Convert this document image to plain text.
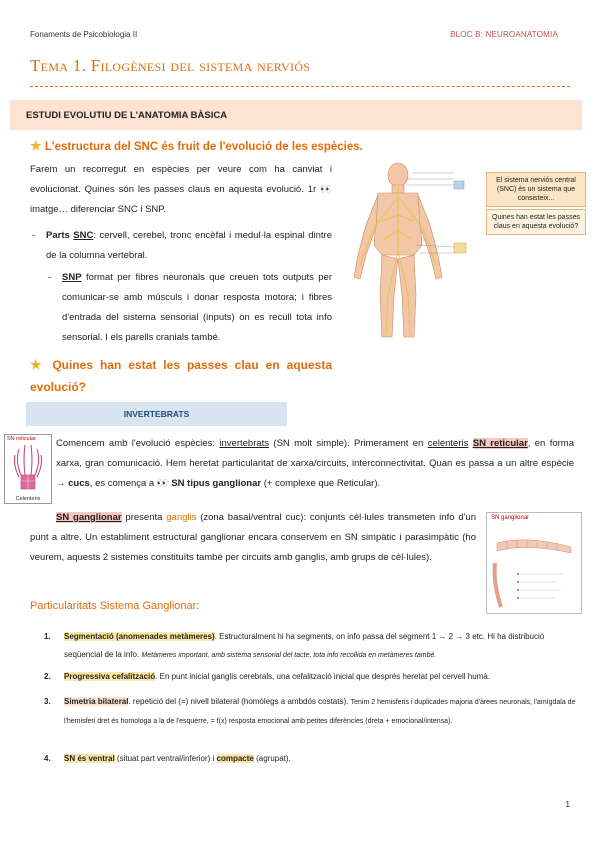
Fonaments de Psicobiologia II	BLOC B: NEUROANATOMIA
Tema 1. Filogènesi del sistema nerviós
ESTUDI EVOLUTIU DE L'ANATOMIA BÀSICA
★ L'estructura del SNC és fruit de l'evolució de les espècies.

Farem un recorregut en espècies per veure com ha canviat i evolucionat. Quines són les passes claus en aquesta evolució. 1r 👀 imatge… diferenciar SNC i SNP.

- Parts SNC: cervell, cerebel, tronc encèfal i medul·la espinal dintre de la columna vertebral.
- SNP format per fibres neuronals que creuen tots outputs per comunicar-se amb músculs i donar resposta motora; i fibres d'entrada del sistema sensorial (inputs) on es recull tota info sensorial. I els parells cranials també.
El sistema nerviós central (SNC) és un sistema que consisteix...
Quines han estat les passes claus en aquesta evolució?
★ Quines han estat les passes clau en aquesta evolució?
INVERTEBRATS
SN reticular
Celenteris
Comencem amb l'evolució espècies: invertebrats (SN molt simple). Primerament en celenteris SN reticular, en forma xarxa, gran comunicació. Hem heretat particularitat de xarxa/circuits, interconnectivitat. Quan es passa a un altre espècie → cucs, es comença a 👀 SN tipus ganglionar (+ complexe que Reticular).
SN ganglionar presenta ganglis (zona basal/ventral cuc): conjunts cèl·lules transmeten info d'un punt a altre. Un establiment estructural ganglionar encara conservem en SN simpàtic i parasimpàtic (ho veurem, aquests 2 sistemes constituïts també per circuits amb ganglis, amb grups de cèl·lules).
SN ganglionar
Particularitats Sistema Ganglionar:
1. Segmentació (anomenades metàmeres). Estructuralment hi ha segments, on info passa del segment 1 → 2 → 3 etc. Hi ha distribució seqüencial de la info. Metàmeres important, amb sistema sensorial del tacte, tota info recollida en metàmeres també.
2. Progressiva cefalització. En punt inicial ganglis cerebrals, una cefalització inicial que després heretat pel cervell humà.
3. Simetria bilateral. repetició del (=) nivell bilateral (homòlegs a ambdós costats). Tenim 2 hemisferis i duplicades majoria d'àrees neuronals, l'amígdala de l'hemisferi dret és homologa a la de l'esquerre, = f(x) resposta emocional amb petites diferències (dreta + emocional/intensa).
4. SN és ventral (situat part ventral/inferior) i compacte (agrupat).
1
